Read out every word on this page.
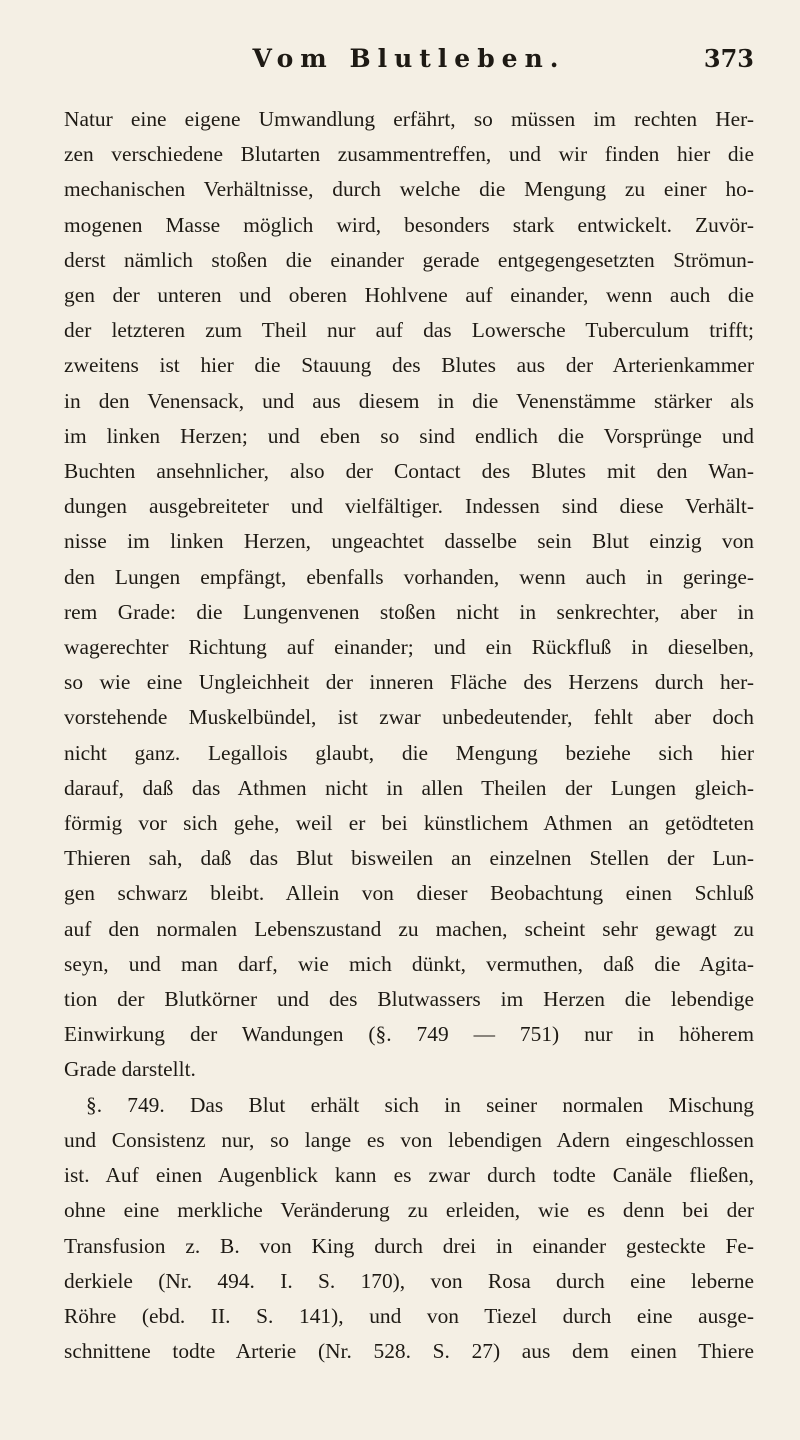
Vom Blutleben.	373
Natur eine eigene Umwandlung erfährt, so müssen im rechten Her-
zen verschiedene Blutarten zusammentreffen, und wir finden hier die
mechanischen Verhältnisse, durch welche die Mengung zu einer ho-
mogenen Masse möglich wird, besonders stark entwickelt. Zuvör-
derst nämlich stoßen die einander gerade entgegengesetzten Strömun-
gen der unteren und oberen Hohlvene auf einander, wenn auch die
der letzteren zum Theil nur auf das Lowersche Tuberculum trifft;
zweitens ist hier die Stauung des Blutes aus der Arterienkammer
in den Venensack, und aus diesem in die Venenstämme stärker als
im linken Herzen; und eben so sind endlich die Vorsprünge und
Buchten ansehnlicher, also der Contact des Blutes mit den Wan-
dungen ausgebreiteter und vielfältiger. Indessen sind diese Verhält-
nisse im linken Herzen, ungeachtet dasselbe sein Blut einzig von
den Lungen empfängt, ebenfalls vorhanden, wenn auch in geringe-
rem Grade: die Lungenvenen stoßen nicht in senkrechter, aber in
wagerechter Richtung auf einander; und ein Rückfluß in dieselben,
so wie eine Ungleichheit der inneren Fläche des Herzens durch her-
vorstehende Muskelbündel, ist zwar unbedeutender, fehlt aber doch
nicht ganz. Legallois glaubt, die Mengung beziehe sich hier
darauf, daß das Athmen nicht in allen Theilen der Lungen gleich-
förmig vor sich gehe, weil er bei künstlichem Athmen an getödteten
Thieren sah, daß das Blut bisweilen an einzelnen Stellen der Lun-
gen schwarz bleibt. Allein von dieser Beobachtung einen Schluß
auf den normalen Lebenszustand zu machen, scheint sehr gewagt zu
seyn, und man darf, wie mich dünkt, vermuthen, daß die Agita-
tion der Blutkörner und des Blutwassers im Herzen die lebendige
Einwirkung der Wandungen (§. 749 — 751) nur in höherem
Grade darstellt.
§. 749. Das Blut erhält sich in seiner normalen Mischung
und Consistenz nur, so lange es von lebendigen Adern eingeschlossen
ist. Auf einen Augenblick kann es zwar durch todte Canäle fließen,
ohne eine merkliche Veränderung zu erleiden, wie es denn bei der
Transfusion z. B. von King durch drei in einander gesteckte Fe-
derkiele (Nr. 494. I. S. 170), von Rosa durch eine leberne
Röhre (ebd. II. S. 141), und von Tiezel durch eine ausge-
schnittene todte Arterie (Nr. 528. S. 27) aus dem einen Thiere
